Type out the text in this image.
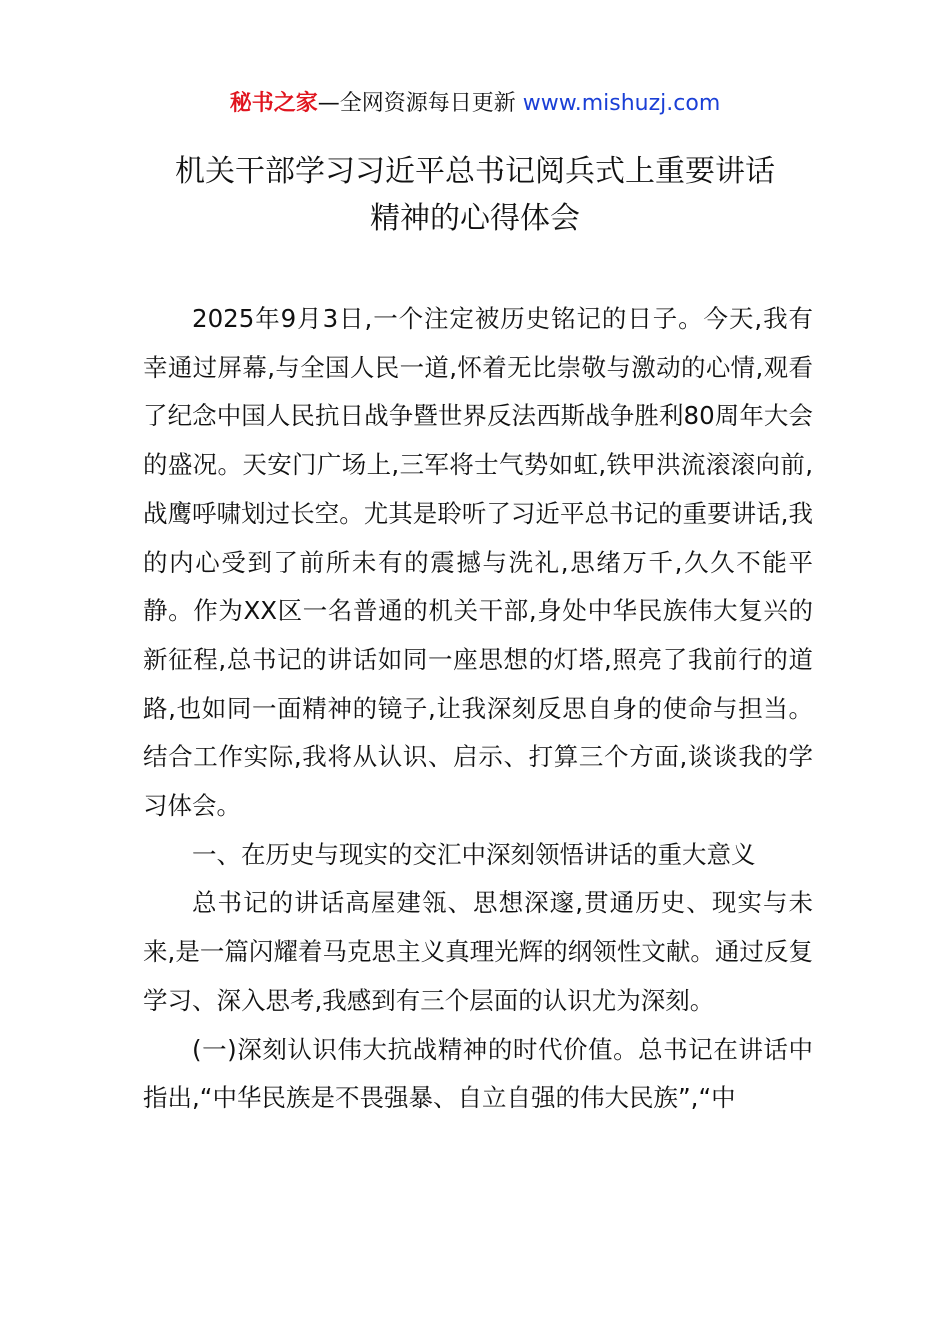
秘书之家—全网资源每日更新 www.mishuzj.com
机关干部学习习近平总书记阅兵式上重要讲话
精神的心得体会

2025年9月3日,一个注定被历史铭记的日子。今天,我有幸通过屏幕,与全国人民一道,怀着无比崇敬与激动的心情,观看了纪念中国人民抗日战争暨世界反法西斯战争胜利80周年大会的盛况。天安门广场上,三军将士气势如虹,铁甲洪流滚滚向前,战鹰呼啸划过长空。尤其是聆听了习近平总书记的重要讲话,我的内心受到了前所未有的震撼与洗礼,思绪万千,久久不能平静。作为XX区一名普通的机关干部,身处中华民族伟大复兴的新征程,总书记的讲话如同一座思想的灯塔,照亮了我前行的道路,也如同一面精神的镜子,让我深刻反思自身的使命与担当。结合工作实际,我将从认识、启示、打算三个方面,谈谈我的学习体会。

一、在历史与现实的交汇中深刻领悟讲话的重大意义

总书记的讲话高屋建瓴、思想深邃,贯通历史、现实与未来,是一篇闪耀着马克思主义真理光辉的纲领性文献。通过反复学习、深入思考,我感到有三个层面的认识尤为深刻。

(一)深刻认识伟大抗战精神的时代价值。总书记在讲话中指出,“中华民族是不畏强暴、自立自强的伟大民族”,“中
